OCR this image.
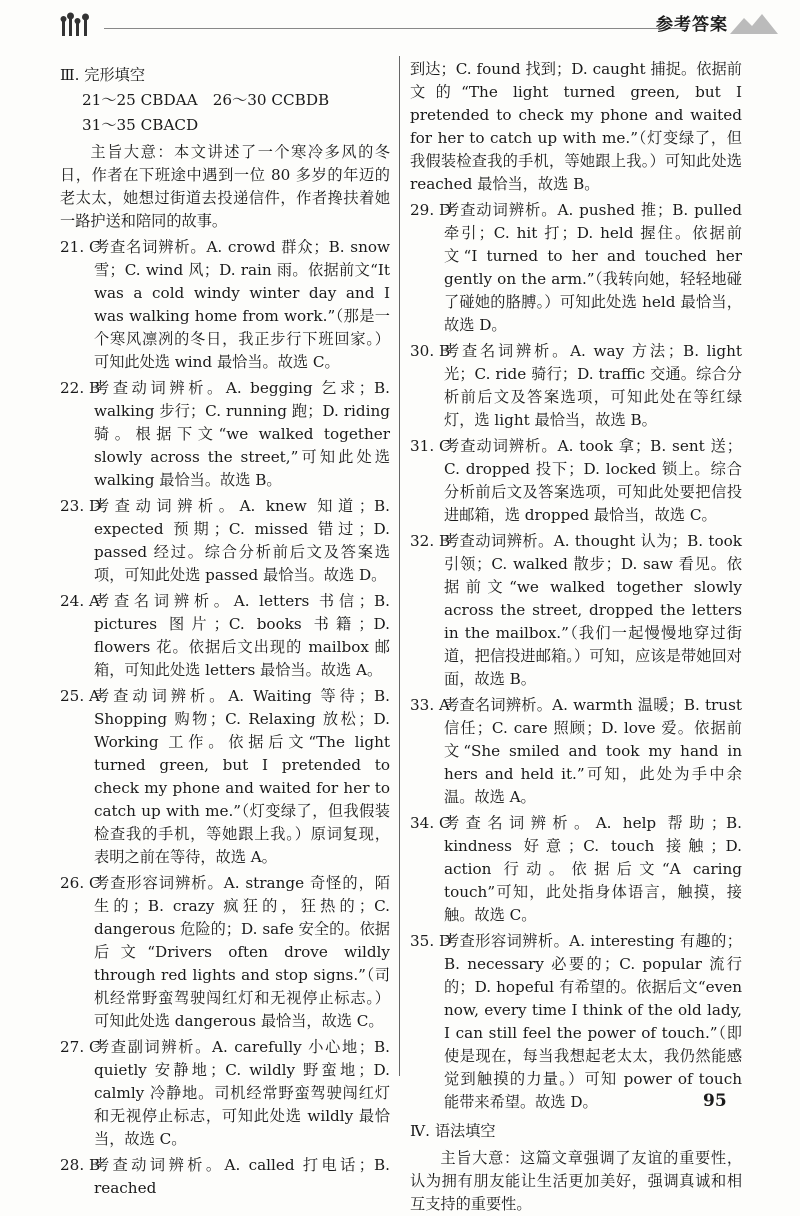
参考答案
Ⅲ. 完形填空
21～25 CBDAA　26～30 CCBDB
31～35 CBACD
主旨大意：本文讲述了一个寒冷多风的冬日，作者在下班途中遇到一位 80 多岁的年迈的老太太，她想过街道去投递信件，作者搀扶着她一路护送和陪同的故事。
21. C
考查名词辨析。A. crowd 群众；B. snow 雪；C. wind 风；D. rain 雨。依据前文“It was a cold windy winter day and I was walking home from work.”（那是一个寒风凛冽的冬日，我正步行下班回家。）可知此处选 wind 最恰当。故选 C。
22. B
考查动词辨析。A. begging 乞求；B. walking 步行；C. running 跑；D. riding 骑。根据下文“we walked together slowly across the street,”可知此处选 walking 最恰当。故选 B。
23. D
考查动词辨析。A. knew 知道；B. expected 预期；C. missed 错过；D. passed 经过。综合分析前后文及答案选项，可知此处选 passed 最恰当。故选 D。
24. A
考查名词辨析。A. letters 书信；B. pictures 图片；C. books 书籍；D. flowers 花。依据后文出现的 mailbox 邮箱，可知此处选 letters 最恰当。故选 A。
25. A
考查动词辨析。A. Waiting 等待；B. Shopping 购物；C. Relaxing 放松；D. Working 工作。依据后文“The light turned green, but I pretended to check my phone and waited for her to catch up with me.”（灯变绿了，但我假装检查我的手机，等她跟上我。）原词复现，表明之前在等待，故选 A。
26. C
考查形容词辨析。A. strange 奇怪的，陌生的；B. crazy 疯狂的，狂热的；C. dangerous 危险的；D. safe 安全的。依据后文“Drivers often drove wildly through red lights and stop signs.”（司机经常野蛮驾驶闯红灯和无视停止标志。）可知此处选 dangerous 最恰当，故选 C。
27. C
考查副词辨析。A. carefully 小心地；B. quietly 安静地；C. wildly 野蛮地；D. calmly 冷静地。司机经常野蛮驾驶闯红灯和无视停止标志，可知此处选 wildly 最恰当，故选 C。
28. B
考查动词辨析。A. called 打电话；B. reached
到达；C. found 找到；D. caught 捕捉。依据前文的“The light turned green, but I pretended to check my phone and waited for her to catch up with me.”（灯变绿了，但我假装检查我的手机，等她跟上我。）可知此处选 reached 最恰当，故选 B。
29. D
考查动词辨析。A. pushed 推；B. pulled 牵引；C. hit 打；D. held 握住。依据前文“I turned to her and touched her gently on the arm.”（我转向她，轻轻地碰了碰她的胳膊。）可知此处选 held 最恰当，故选 D。
30. B
考查名词辨析。A. way 方法；B. light 光；C. ride 骑行；D. traffic 交通。综合分析前后文及答案选项，可知此处在等红绿灯，选 light 最恰当，故选 B。
31. C
考查动词辨析。A. took 拿；B. sent 送；C. dropped 投下；D. locked 锁上。综合分析前后文及答案选项，可知此处要把信投进邮箱，选 dropped 最恰当，故选 C。
32. B
考查动词辨析。A. thought 认为；B. took 引领；C. walked 散步；D. saw 看见。依据前文“we walked together slowly across the street, dropped the letters in the mailbox.”（我们一起慢慢地穿过街道，把信投进邮箱。）可知，应该是带她回对面，故选 B。
33. A
考查名词辨析。A. warmth 温暖；B. trust 信任；C. care 照顾；D. love 爱。依据前文“She smiled and took my hand in hers and held it.”可知，此处为手中余温。故选 A。
34. C
考查名词辨析。A. help 帮助；B. kindness 好意；C. touch 接触；D. action 行动。依据后文“A caring touch”可知，此处指身体语言，触摸，接触。故选 C。
35. D
考查形容词辨析。A. interesting 有趣的；B. necessary 必要的；C. popular 流行的；D. hopeful 有希望的。依据后文“even now, every time I think of the old lady, I can still feel the power of touch.”（即使是现在，每当我想起老太太，我仍然能感觉到触摸的力量。）可知 power of touch 能带来希望。故选 D。
Ⅳ. 语法填空
主旨大意：这篇文章强调了友谊的重要性，认为拥有朋友能让生活更加美好，强调真诚和相互支持的重要性。
95
